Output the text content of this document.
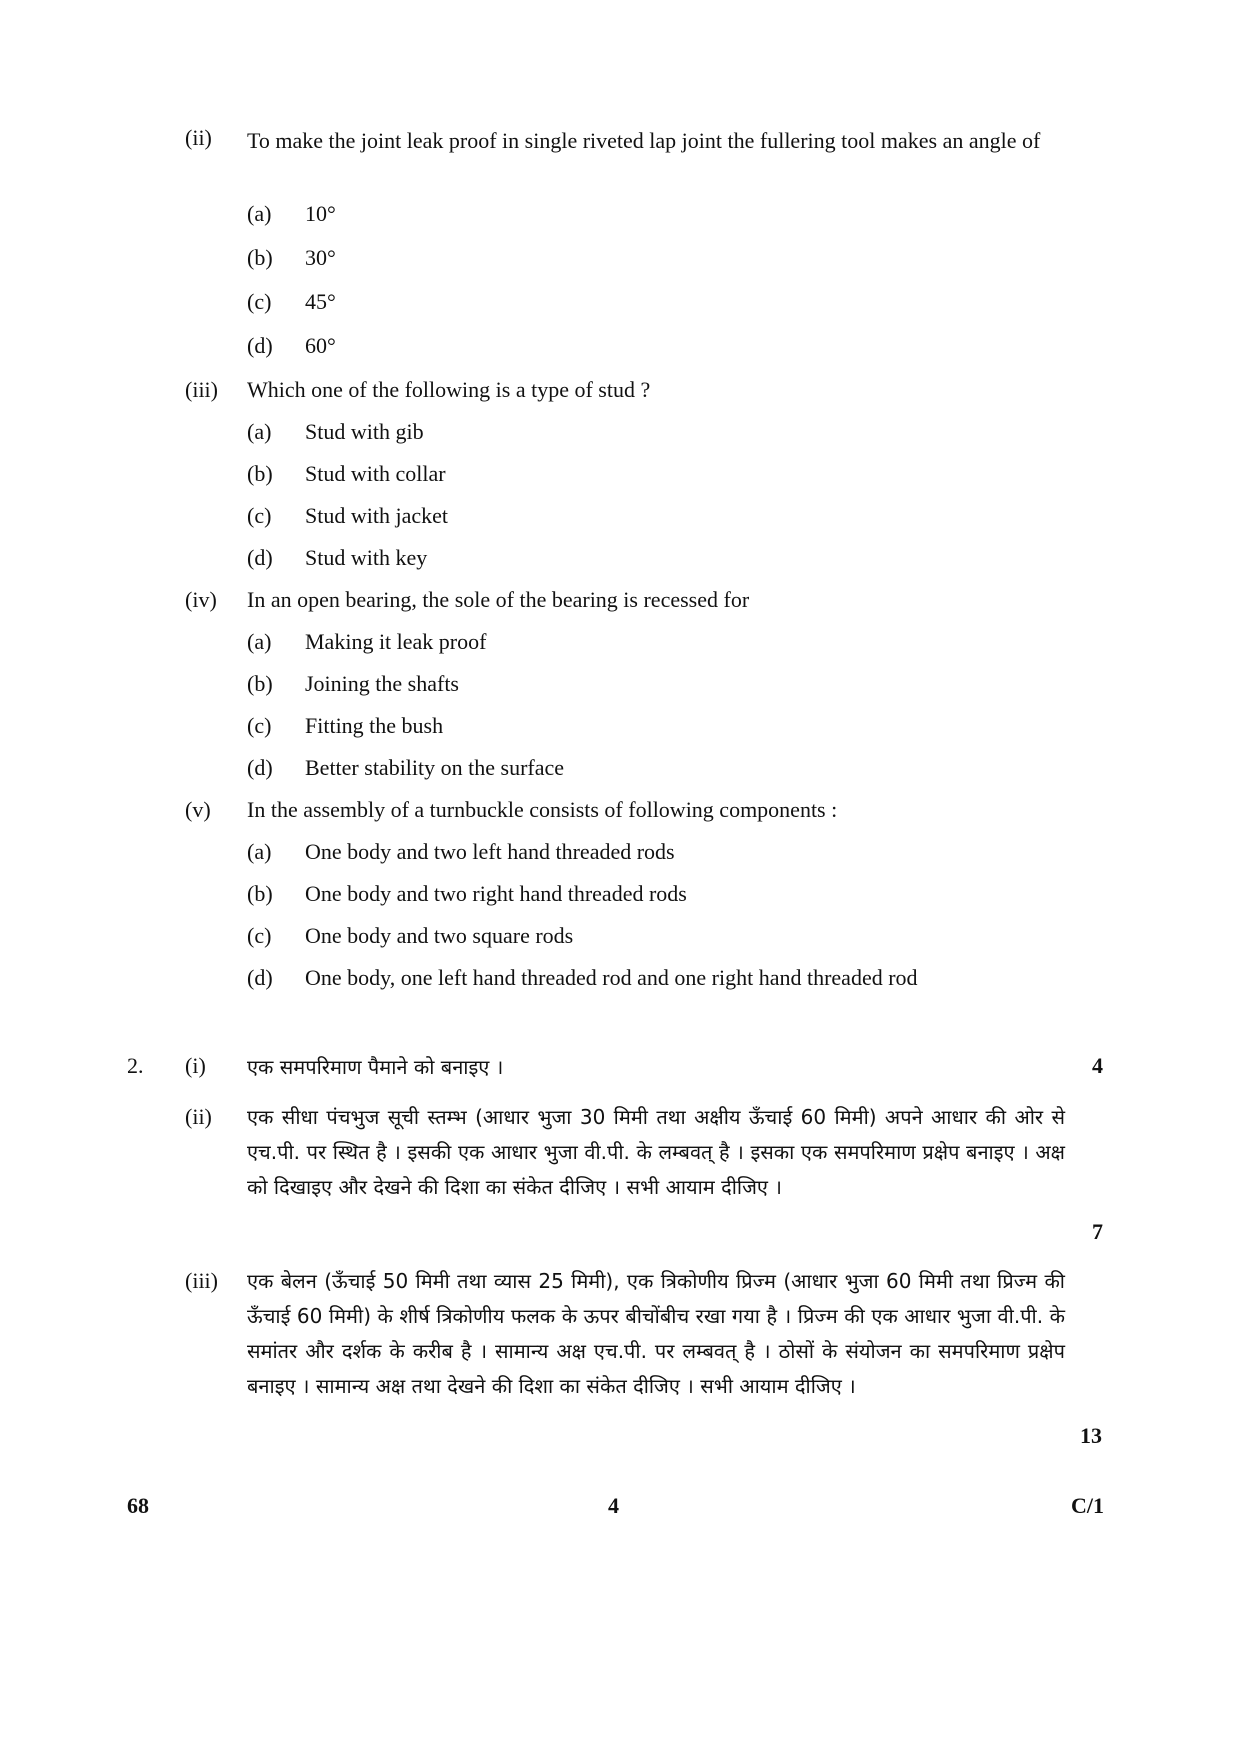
(ii)	To make the joint leak proof in single riveted lap joint the fullering tool makes an angle of
(a)	10°
(b)	30°
(c)	45°
(d)	60°
(iii)	Which one of the following is a type of stud ?
(a)	Stud with gib
(b)	Stud with collar
(c)	Stud with jacket
(d)	Stud with key
(iv)	In an open bearing, the sole of the bearing is recessed for
(a)	Making it leak proof
(b)	Joining the shafts
(c)	Fitting the bush
(d)	Better stability on the surface
(v)	In the assembly of a turnbuckle consists of following components :
(a)	One body and two left hand threaded rods
(b)	One body and two right hand threaded rods
(c)	One body and two square rods
(d)	One body, one left hand threaded rod and one right hand threaded rod
2. (i)	एक समपरिमाण पैमाने को बनाइए ।	4
(ii)	एक सीधा पंचभुज सूची स्तम्भ (आधार भुजा 30 मिमी तथा अक्षीय ऊँचाई 60 मिमी) अपने आधार की ओर से एच.पी. पर स्थित है । इसकी एक आधार भुजा वी.पी. के लम्बवत् है । इसका एक समपरिमाण प्रक्षेप बनाइए । अक्ष को दिखाइए और देखने की दिशा का संकेत दीजिए । सभी आयाम दीजिए ।
7
(iii)	एक बेलन (ऊँचाई 50 मिमी तथा व्यास 25 मिमी), एक त्रिकोणीय प्रिज्म (आधार भुजा 60 मिमी तथा प्रिज्म की ऊँचाई 60 मिमी) के शीर्ष त्रिकोणीय फलक के ऊपर बीचोंबीच रखा गया है । प्रिज्म की एक आधार भुजा वी.पी. के समांतर और दर्शक के करीब है । सामान्य अक्ष एच.पी. पर लम्बवत् है । ठोसों के संयोजन का समपरिमाण प्रक्षेप बनाइए । सामान्य अक्ष तथा देखने की दिशा का संकेत दीजिए । सभी आयाम दीजिए ।
13
68	4	C/1
